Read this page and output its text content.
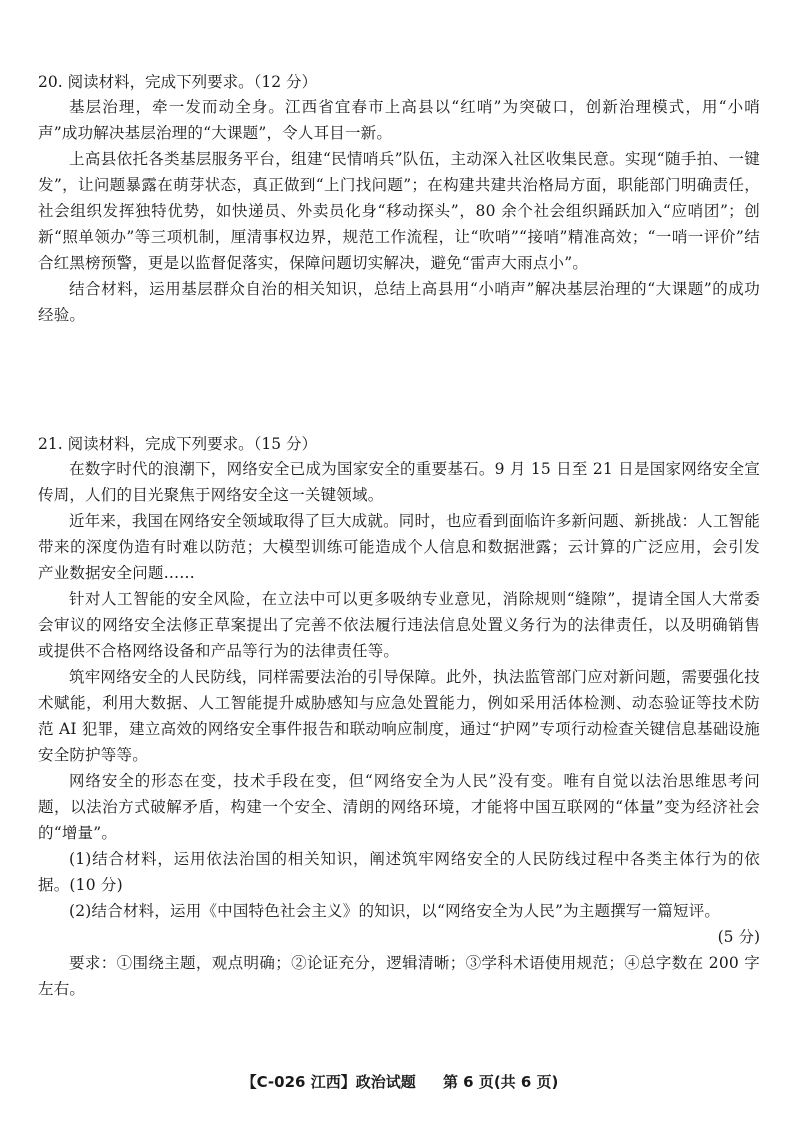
20. 阅读材料，完成下列要求。（12 分）

基层治理，牵一发而动全身。江西省宜春市上高县以“红哨”为突破口，创新治理模式，用“小哨声”成功解决基层治理的“大课题”，令人耳目一新。

上高县依托各类基层服务平台，组建“民情哨兵”队伍，主动深入社区收集民意。实现“随手拍、一键发”，让问题暴露在萌芽状态，真正做到“上门找问题”；在构建共建共治格局方面，职能部门明确责任，社会组织发挥独特优势，如快递员、外卖员化身“移动探头”，80 余个社会组织踊跃加入“应哨团”；创新“照单领办”等三项机制，厘清事权边界，规范工作流程，让“吹哨”“接哨”精准高效；“一哨一评价”结合红黑榜预警，更是以监督促落实，保障问题切实解决，避免“雷声大雨点小”。

结合材料，运用基层群众自治的相关知识，总结上高县用“小哨声”解决基层治理的“大课题”的成功经验。

21. 阅读材料，完成下列要求。（15 分）

在数字时代的浪潮下，网络安全已成为国家安全的重要基石。9 月 15 日至 21 日是国家网络安全宣传周，人们的目光聚焦于网络安全这一关键领域。

近年来，我国在网络安全领域取得了巨大成就。同时，也应看到面临许多新问题、新挑战：人工智能带来的深度伪造有时难以防范；大模型训练可能造成个人信息和数据泄露；云计算的广泛应用，会引发产业数据安全问题……

针对人工智能的安全风险，在立法中可以更多吸纳专业意见，消除规则“缝隙”，提请全国人大常委会审议的网络安全法修正草案提出了完善不依法履行违法信息处置义务行为的法律责任，以及明确销售或提供不合格网络设备和产品等行为的法律责任等。

筑牢网络安全的人民防线，同样需要法治的引导保障。此外，执法监管部门应对新问题，需要强化技术赋能，利用大数据、人工智能提升威胁感知与应急处置能力，例如采用活体检测、动态验证等技术防范 AI 犯罪，建立高效的网络安全事件报告和联动响应制度，通过“护网”专项行动检查关键信息基础设施安全防护等等。

网络安全的形态在变，技术手段在变，但“网络安全为人民”没有变。唯有自觉以法治思维思考问题，以法治方式破解矛盾，构建一个安全、清朗的网络环境，才能将中国互联网的“体量”变为经济社会的“增量”。

(1)结合材料，运用依法治国的相关知识，阐述筑牢网络安全的人民防线过程中各类主体行为的依据。(10 分)

(2)结合材料，运用《中国特色社会主义》的知识，以“网络安全为人民”为主题撰写一篇短评。

(5 分)

要求：①围绕主题，观点明确；②论证充分，逻辑清晰；③学科术语使用规范；④总字数在 200 字左右。

【C-026 江西】政治试题 第 6 页(共 6 页)
